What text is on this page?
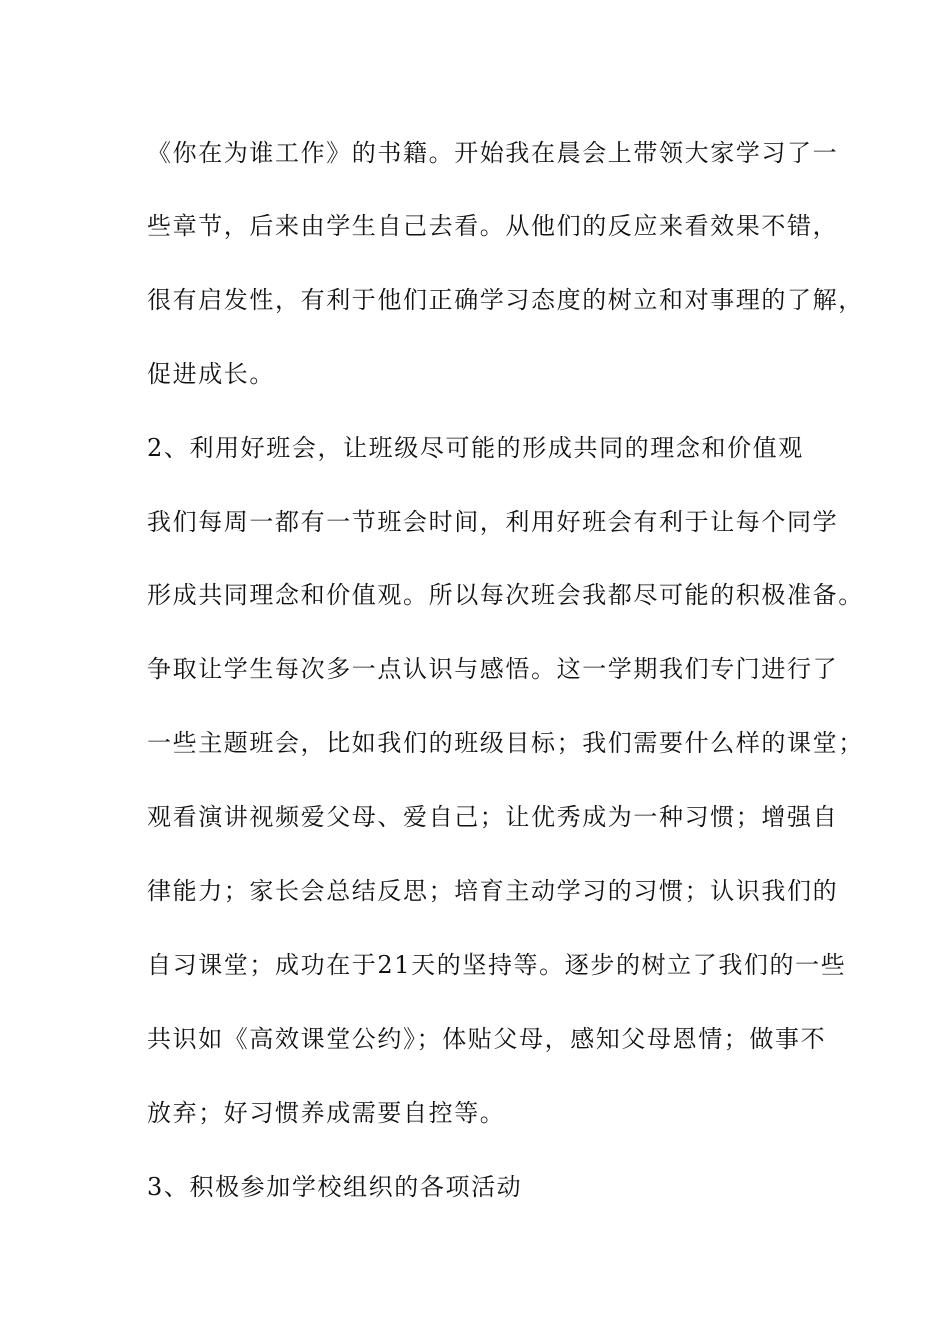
《你在为谁工作》的书籍。开始我在晨会上带领大家学习了一
些章节，后来由学生自己去看。从他们的反应来看效果不错，
很有启发性，有利于他们正确学习态度的树立和对事理的了解，
促进成长。
2、利用好班会，让班级尽可能的形成共同的理念和价值观
我们每周一都有一节班会时间，利用好班会有利于让每个同学
形成共同理念和价值观。所以每次班会我都尽可能的积极准备。
争取让学生每次多一点认识与感悟。这一学期我们专门进行了
一些主题班会，比如我们的班级目标；我们需要什么样的课堂；
观看演讲视频爱父母、爱自己；让优秀成为一种习惯；增强自
律能力；家长会总结反思；培育主动学习的习惯；认识我们的
自习课堂；成功在于21天的坚持等。逐步的树立了我们的一些
共识如《高效课堂公约》；体贴父母，感知父母恩情；做事不
放弃；好习惯养成需要自控等。
3、积极参加学校组织的各项活动
